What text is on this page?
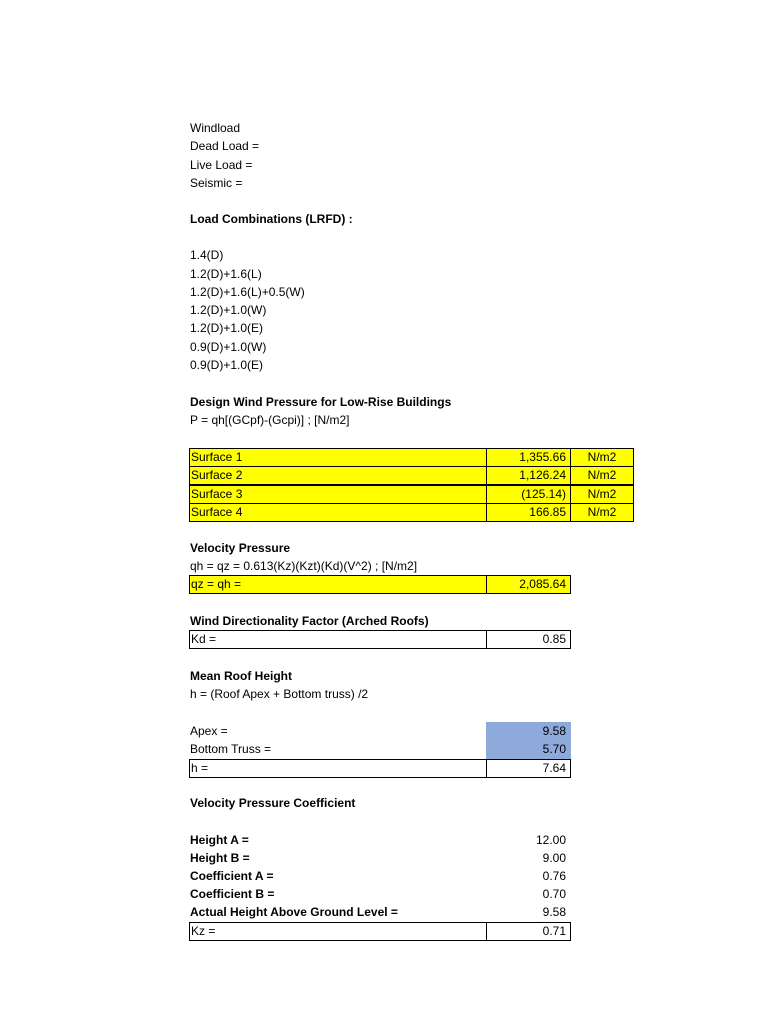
Windload
Dead Load =
Live Load =
Seismic =
Load Combinations (LRFD) :
1.4(D)
1.2(D)+1.6(L)
1.2(D)+1.6(L)+0.5(W)
1.2(D)+1.0(W)
1.2(D)+1.0(E)
0.9(D)+1.0(W)
0.9(D)+1.0(E)
Design Wind Pressure for Low-Rise Buildings
P = qh[(GCpf)-(Gcpi)] ; [N/m2]
Surface 1	1,355.66	N/m2
Surface 2	1,126.24	N/m2
Surface 3	(125.14)	N/m2
Surface 4	166.85	N/m2
Velocity Pressure
qh = qz = 0.613(Kz)(Kzt)(Kd)(V^2) ; [N/m2]
qz = qh =	2,085.64
Wind Directionality Factor (Arched Roofs)
Kd =	0.85
Mean Roof Height
h = (Roof Apex + Bottom truss) /2
Apex =	9.58
Bottom Truss =	5.70
h =	7.64
Velocity Pressure Coefficient
Height A =	12.00
Height B =	9.00
Coefficient A =	0.76
Coefficient B =	0.70
Actual Height Above Ground Level =	9.58
Kz =	0.71
